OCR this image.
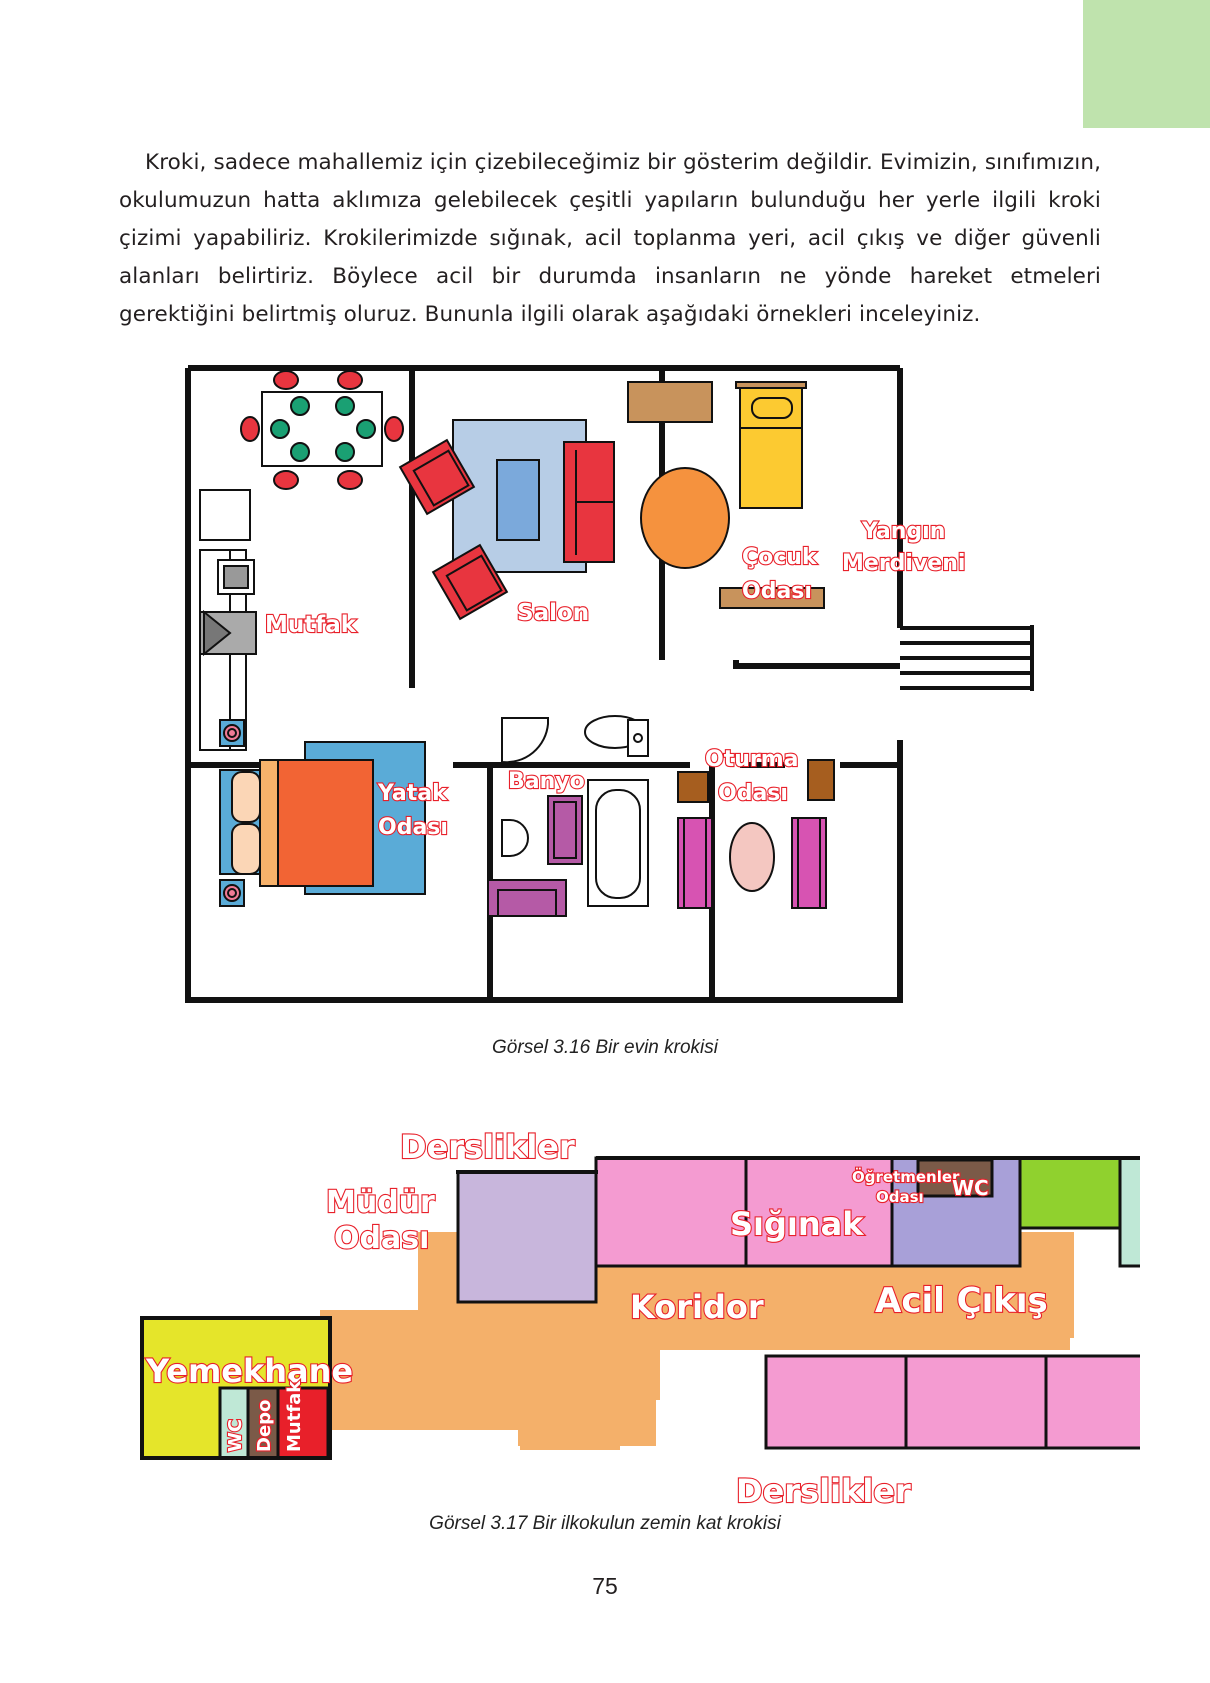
Kroki, sadece mahallemiz için çizebileceğimiz bir gösterim değildir. Evimizin, sınıfımızın, okulumuzun hatta aklımıza gelebilecek çeşitli yapıların bulunduğu her yerle ilgili kroki çizimi yapabiliriz. Krokilerimizde sığınak, acil toplanma yeri, acil çıkış ve diğer güvenli alanları belirtiriz. Böylece acil bir durumda insanların ne yönde hareket etmeleri gerektiğini belirtmiş oluruz. Bununla ilgili olarak aşağıdaki örnekleri inceleyiniz.

Mutfak	Salon
Çocuk
Odası
Yangın
Merdiveni
Yatak
Odası
Banyo
Oturma
Odası
Görsel 3.16 Bir evin krokisi
Derslikler
Müdür
Odası	Sığınak
Öğretmenler
Odası WC
Koridor	Acil Çıkış
Yemekhane
WC Depo Mutfak
Derslikler
Görsel 3.17 Bir ilkokulun zemin kat krokisi
75
